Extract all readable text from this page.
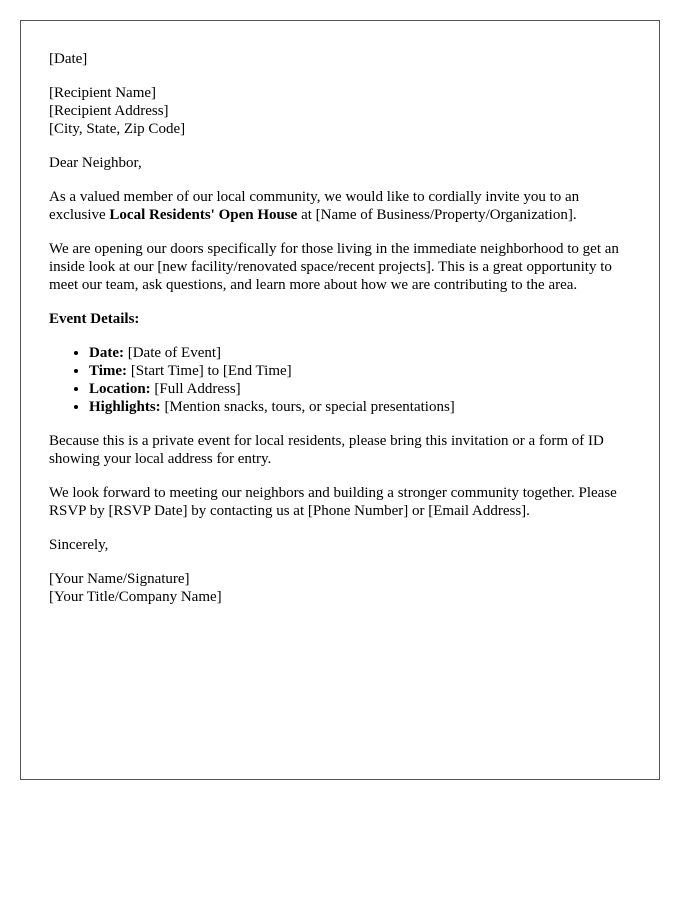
[Date]

[Recipient Name]
[Recipient Address]
[City, State, Zip Code]

Dear Neighbor,

As a valued member of our local community, we would like to cordially invite you to an exclusive Local Residents' Open House at [Name of Business/Property/Organization].

We are opening our doors specifically for those living in the immediate neighborhood to get an inside look at our [new facility/renovated space/recent projects]. This is a great opportunity to meet our team, ask questions, and learn more about how we are contributing to the area.

Event Details:

• Date: [Date of Event]
• Time: [Start Time] to [End Time]
• Location: [Full Address]
• Highlights: [Mention snacks, tours, or special presentations]

Because this is a private event for local residents, please bring this invitation or a form of ID showing your local address for entry.

We look forward to meeting our neighbors and building a stronger community together. Please RSVP by [RSVP Date] by contacting us at [Phone Number] or [Email Address].

Sincerely,

[Your Name/Signature]
[Your Title/Company Name]
